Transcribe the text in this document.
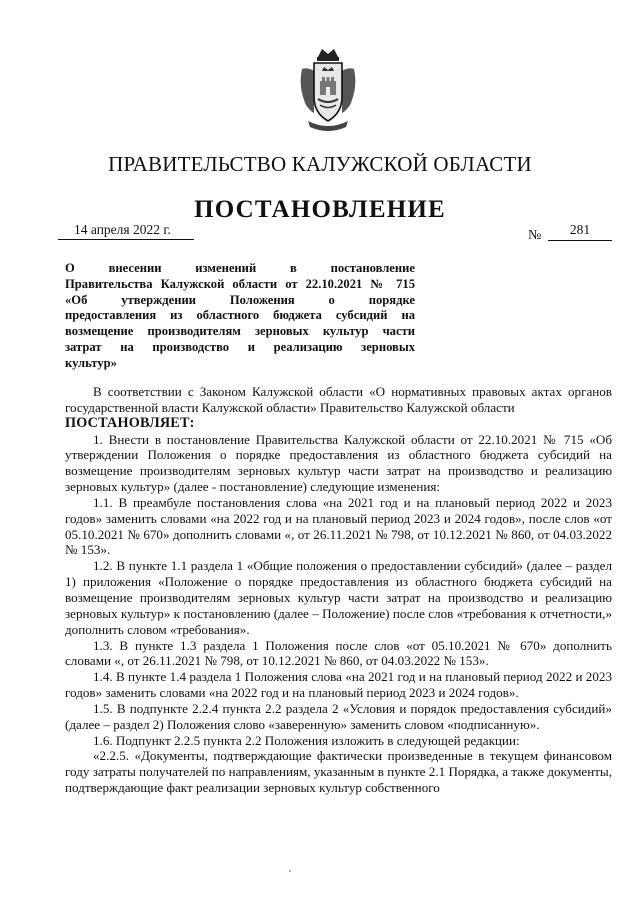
ПРАВИТЕЛЬСТВО КАЛУЖСКОЙ ОБЛАСТИ
ПОСТАНОВЛЕНИЕ
14 апреля 2022 г.	№	281
О внесении изменений в постановление
Правительства Калужской области от 22.10.2021 № 715
«Об утверждении Положения о порядке
предоставления из областного бюджета субсидий на
возмещение производителям зерновых культур части
затрат на производство и реализацию зерновых
культур»

В соответствии с Законом Калужской области «О нормативных правовых актах органов государственной власти Калужской области» Правительство Калужской области

ПОСТАНОВЛЯЕТ:

1. Внести в постановление Правительства Калужской области от 22.10.2021 № 715 «Об утверждении Положения о порядке предоставления из областного бюджета субсидий на возмещение производителям зерновых культур части затрат на производство и реализацию зерновых культур» (далее - постановление) следующие изменения:

1.1. В преамбуле постановления слова «на 2021 год и на плановый период 2022 и 2023 годов» заменить словами «на 2022 год и на плановый период 2023 и 2024 годов», после слов «от 05.10.2021 № 670» дополнить словами «, от 26.11.2021 № 798, от 10.12.2021 № 860, от 04.03.2022 № 153».

1.2. В пункте 1.1 раздела 1 «Общие положения о предоставлении субсидий» (далее – раздел 1) приложения «Положение о порядке предоставления из областного бюджета субсидий на возмещение производителям зерновых культур части затрат на производство и реализацию зерновых культур» к постановлению (далее – Положение) после слов «требования к отчетности,» дополнить словом «требования».

1.3. В пункте 1.3 раздела 1 Положения после слов «от 05.10.2021 № 670» дополнить словами «, от 26.11.2021 № 798, от 10.12.2021 № 860, от 04.03.2022 № 153».

1.4. В пункте 1.4 раздела 1 Положения слова «на 2021 год и на плановый период 2022 и 2023 годов» заменить словами «на 2022 год и на плановый период 2023 и 2024 годов».

1.5. В подпункте 2.2.4 пункта 2.2 раздела 2 «Условия и порядок предоставления субсидий» (далее – раздел 2) Положения слово «заверенную» заменить словом «подписанную».

1.6. Подпункт 2.2.5 пункта 2.2 Положения изложить в следующей редакции:

«2.2.5. «Документы, подтверждающие фактически произведенные в текущем финансовом году затраты получателей по направлениям, указанным в пункте 2.1 Порядка, а также документы, подтверждающие факт реализации зерновых культур собственного
